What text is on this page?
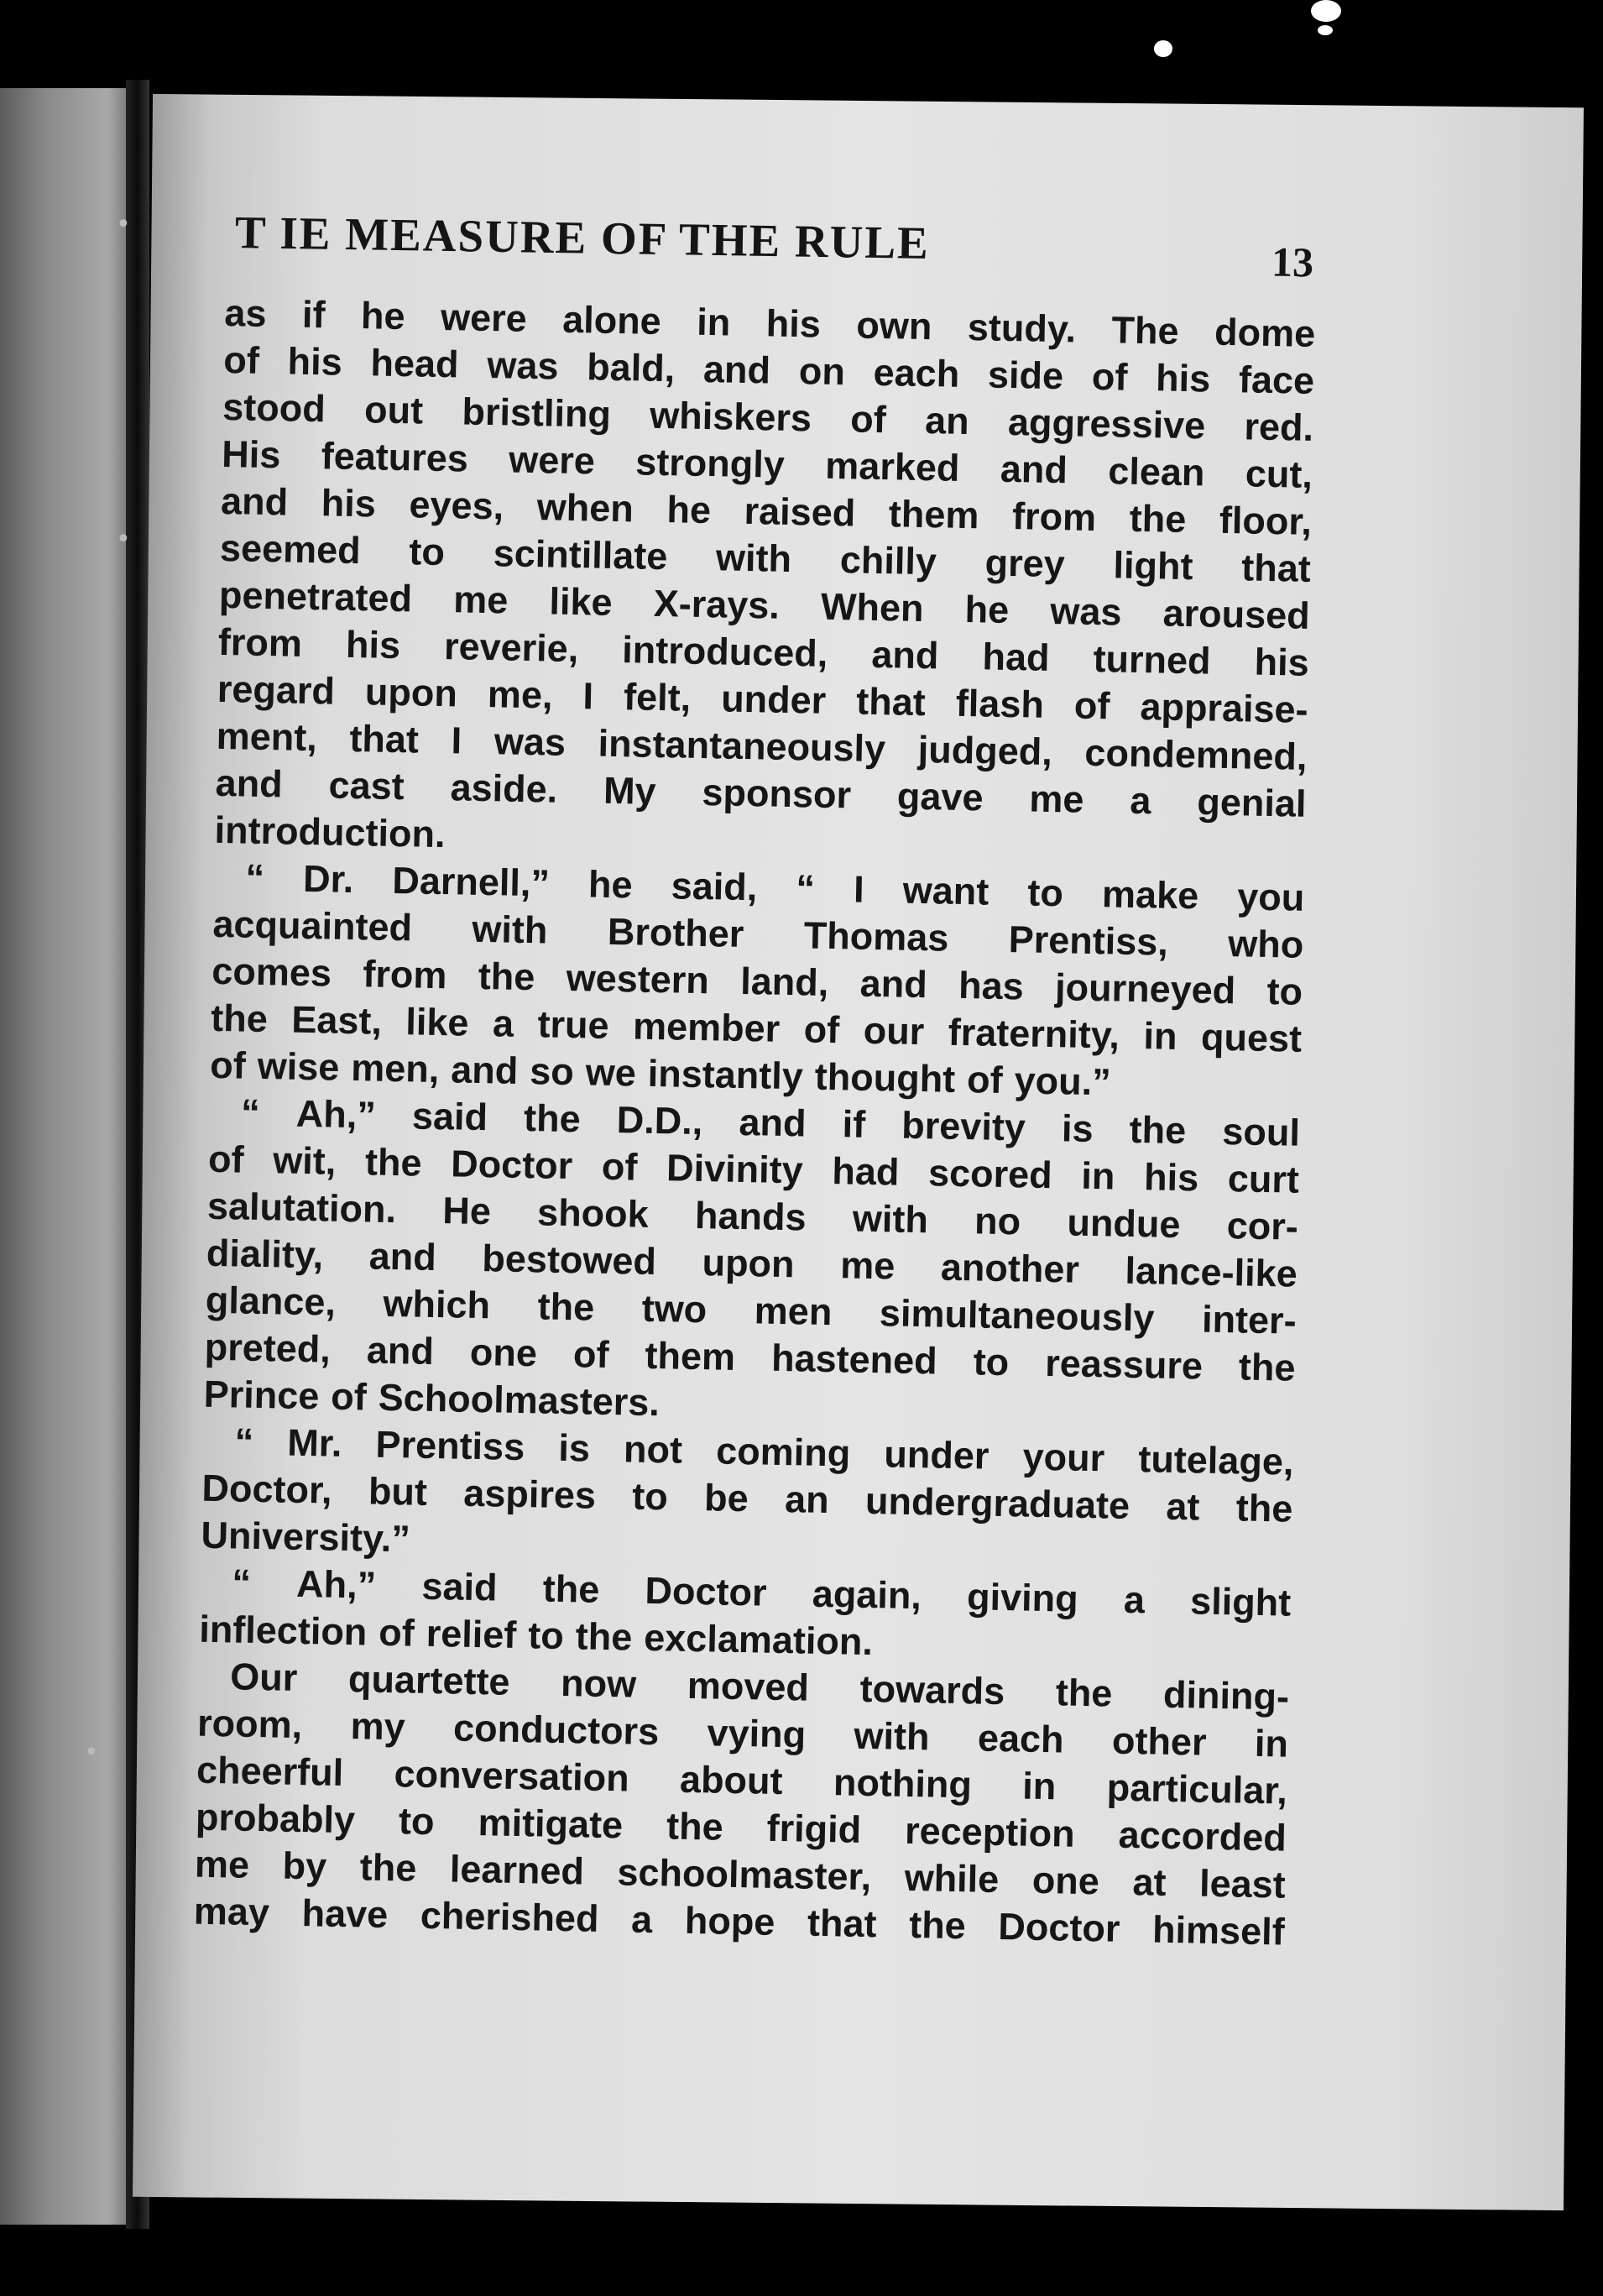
•
•
•
T IE MEASURE OF THE RULE	13
as if he were alone in his own study. The dome
of his head was bald, and on each side of his face
stood out bristling whiskers of an aggressive red.
His features were strongly marked and clean cut,
and his eyes, when he raised them from the floor,
seemed to scintillate with chilly grey light that
penetrated me like X-rays. When he was aroused
from his reverie, introduced, and had turned his
regard upon me, I felt, under that flash of appraise-
ment, that I was instantaneously judged, condemned,
and cast aside. My sponsor gave me a genial
introduction.
“ Dr. Darnell,” he said, “ I want to make you
acquainted with Brother Thomas Prentiss, who
comes from the western land, and has journeyed to
the East, like a true member of our fraternity, in quest
of wise men, and so we instantly thought of you.”
“ Ah,” said the D.D., and if brevity is the soul
of wit, the Doctor of Divinity had scored in his curt
salutation. He shook hands with no undue cor-
diality, and bestowed upon me another lance-like
glance, which the two men simultaneously inter-
preted, and one of them hastened to reassure the
Prince of Schoolmasters.
“ Mr. Prentiss is not coming under your tutelage,
Doctor, but aspires to be an undergraduate at the
University.”
“ Ah,” said the Doctor again, giving a slight
inflection of relief to the exclamation.
Our quartette now moved towards the dining-
room, my conductors vying with each other in
cheerful conversation about nothing in particular,
probably to mitigate the frigid reception accorded
me by the learned schoolmaster, while one at least
may have cherished a hope that the Doctor himself
